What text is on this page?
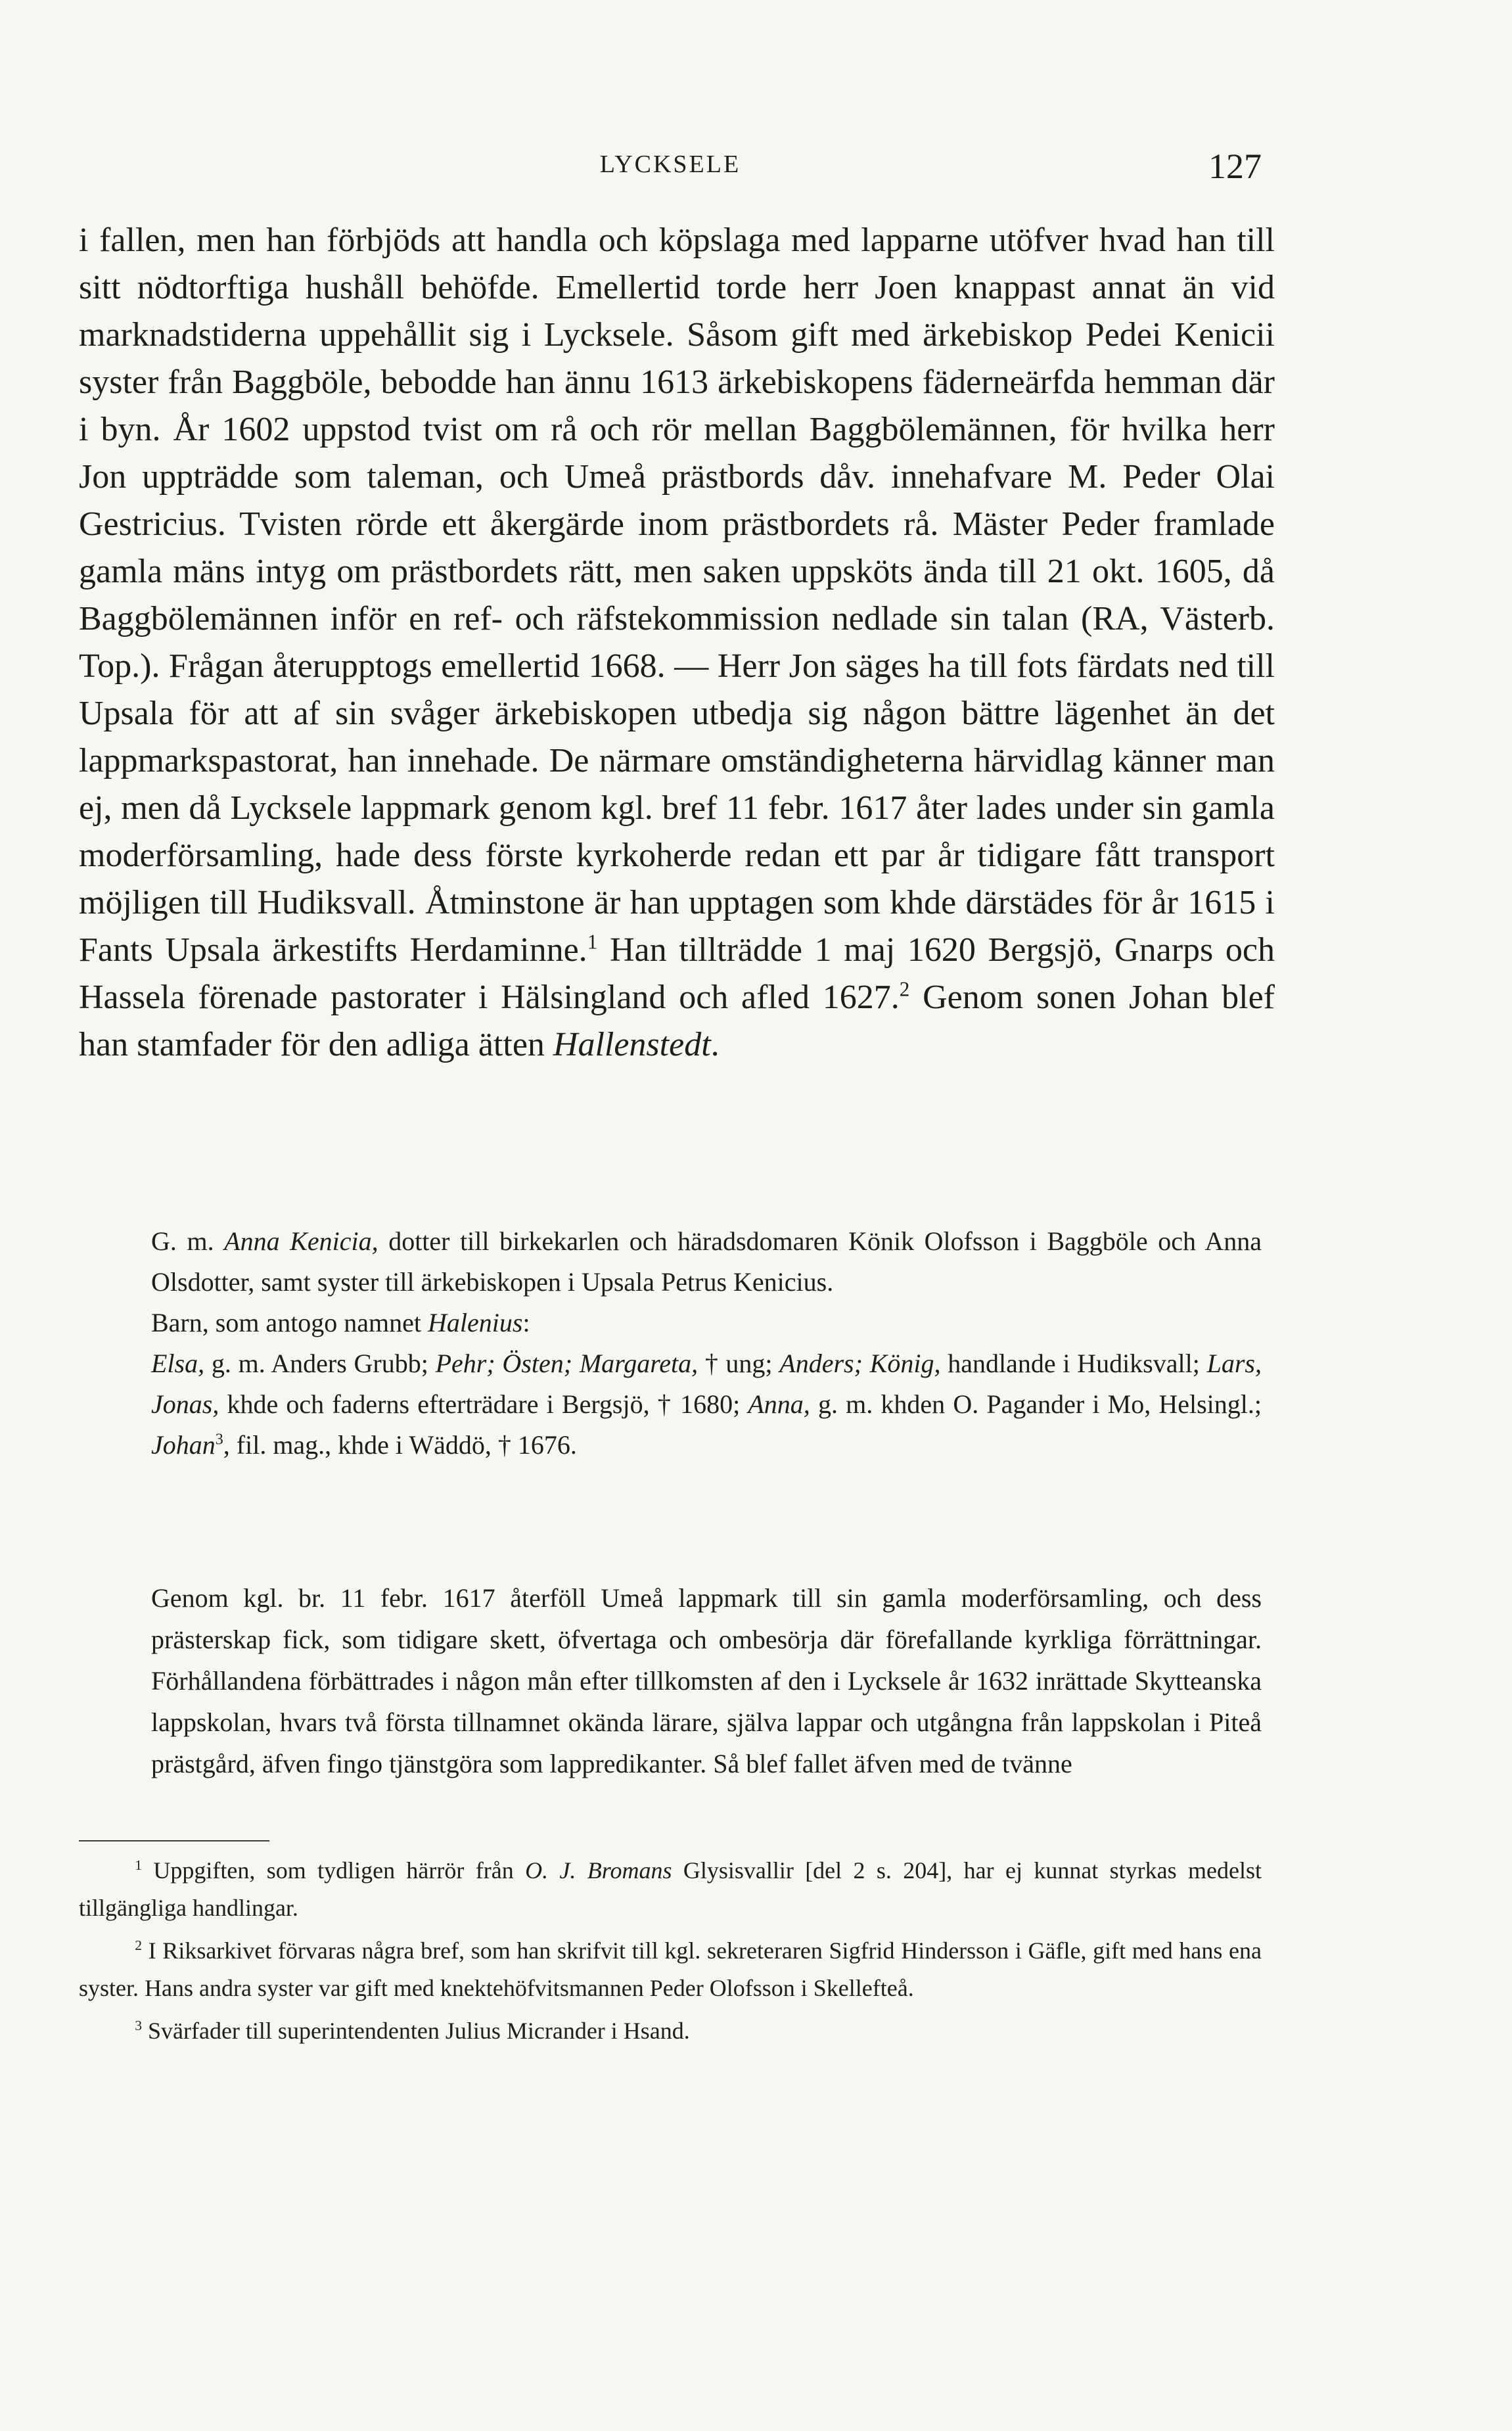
LYCKSELE	127

i fallen, men han förbjöds att handla och köpslaga med lapparne utöfver hvad han till sitt nödtorftiga hushåll behöfde. Emellertid torde herr Joen knappast annat än vid marknadstiderna uppehållit sig i Lycksele. Såsom gift med ärkebiskop Pedei Kenicii syster från Baggböle, bebodde han ännu 1613 ärkebiskopens fäderneärfda hemman där i byn. År 1602 uppstod tvist om rå och rör mellan Baggbölemännen, för hvilka herr Jon uppträdde som taleman, och Umeå prästbords dåv. innehafvare M. Peder Olai Gestricius. Tvisten rörde ett åkergärde inom prästbordets rå. Mäster Peder framlade gamla mäns intyg om prästbordets rätt, men saken uppsköts ända till 21 okt. 1605, då Baggbölemännen inför en ref- och räfstekommission nedlade sin talan (RA, Västerb. Top.). Frågan återupptogs emellertid 1668. — Herr Jon säges ha till fots färdats ned till Upsala för att af sin svåger ärkebiskopen utbedja sig någon bättre lägenhet än det lappmarkspastorat, han innehade. De närmare omständigheterna härvidlag känner man ej, men då Lycksele lappmark genom kgl. bref 11 febr. 1617 åter lades under sin gamla moderförsamling, hade dess förste kyrkoherde redan ett par år tidigare fått transport möjligen till Hudiksvall. Åtminstone är han upptagen som khde därstädes för år 1615 i Fants Upsala ärkestifts Herdaminne.$^1$ Han tillträdde 1 maj 1620 Bergsjö, Gnarps och Hassela förenade pastorater i Hälsingland och afled 1627.$^2$ Genom sonen Johan blef han stamfader för den adliga ätten Hallenstedt.

G. m. Anna Kenicia, dotter till birkekarlen och häradsdomaren Könik Olofsson i Baggböle och Anna Olsdotter, samt syster till ärkebiskopen i Upsala Petrus Kenicius.

Barn, som antogo namnet Halenius:

Elsa, g. m. Anders Grubb; Pehr; Östen; Margareta, † ung; Anders; König, handlande i Hudiksvall; Lars, Jonas, khde och faderns efterträdare i Bergsjö, † 1680; Anna, g. m. khden O. Pagander i Mo, Helsingl.; Johan$^3$, fil. mag., khde i Wäddö, † 1676.

Genom kgl. br. 11 febr. 1617 återföll Umeå lappmark till sin gamla moderförsamling, och dess prästerskap fick, som tidigare skett, öfvertaga och ombesörja där förefallande kyrkliga förrättningar. Förhållandena förbättrades i någon mån efter tillkomsten af den i Lycksele år 1632 inrättade Skytteanska lappskolan, hvars två första tillnamnet okända lärare, själva lappar och utgångna från lappskolan i Piteå prästgård, äfven fingo tjänstgöra som lappredikanter. Så blef fallet äfven med de tvänne

$^1$ Uppgiften, som tydligen härrör från O. J. Bromans Glysisvallir [del 2 s. 204], har ej kunnat styrkas medelst tillgängliga handlingar.

$^2$ I Riksarkivet förvaras några bref, som han skrifvit till kgl. sekreteraren Sigfrid Hindersson i Gäfle, gift med hans ena syster. Hans andra syster var gift med knektehöfvitsmannen Peder Olofsson i Skellefteå.

$^3$ Svärfader till superintendenten Julius Micrander i Hsand.
